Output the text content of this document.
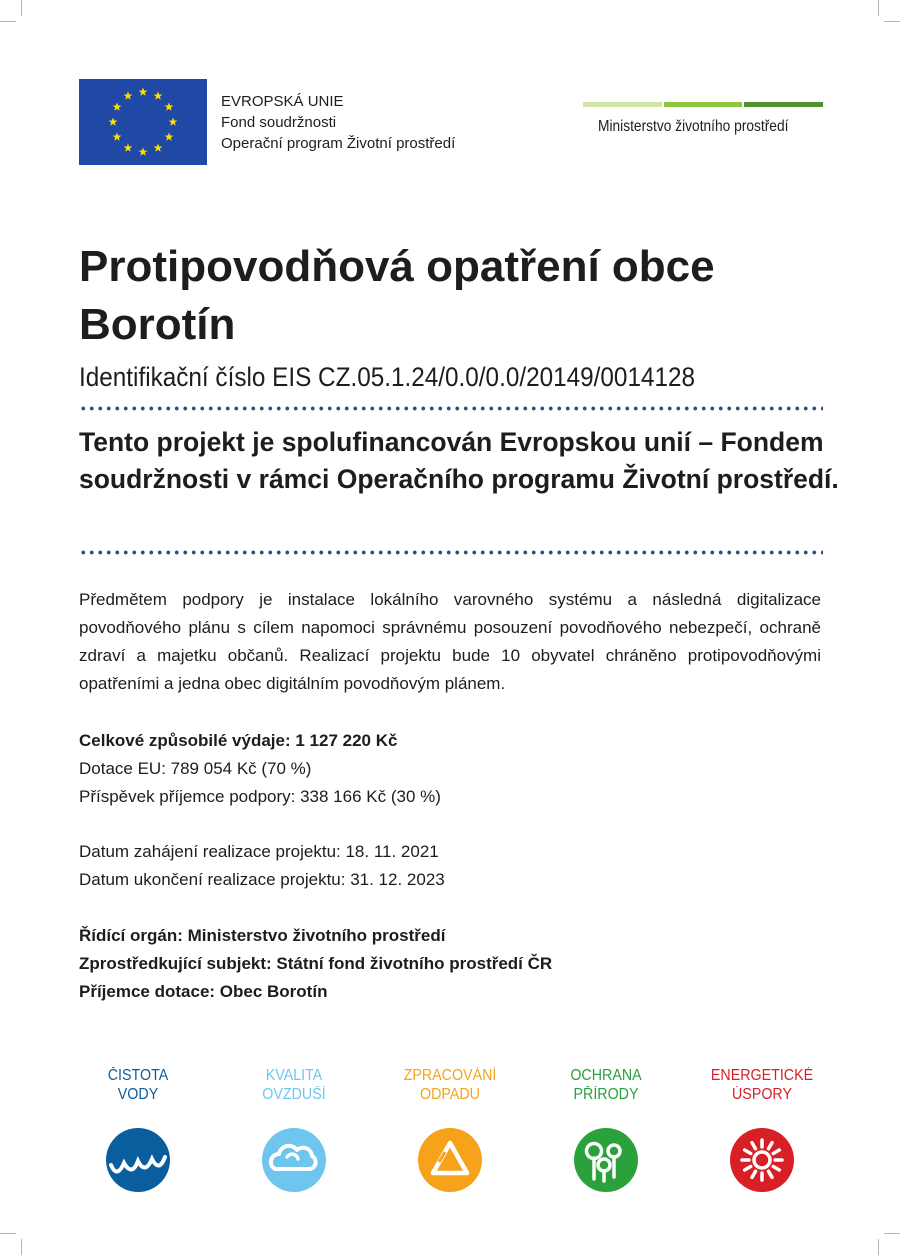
EVROPSKÁ UNIE
Fond soudržnosti
Operační program Životní prostředí
Ministerstvo životního prostředí
Protipovodňová opatření obce Borotín
Identifikační číslo EIS CZ.05.1.24/0.0/0.0/20149/0014128

Tento projekt je spolufinancován Evropskou unií – Fondem soudržnosti v rámci Operačního programu Životní prostředí.

Předmětem podpory je instalace lokálního varovného systému a následná digitalizace povodňového plánu s cílem napomoci správnému posouzení povodňového nebezpečí, ochraně zdraví a majetku občanů. Realizací projektu bude 10 obyvatel chráněno protipovodňovými opatřeními a jedna obec digitálním povodňovým plánem.

Celkové způsobilé výdaje: 1 127 220 Kč
Dotace EU: 789 054 Kč (70 %)
Příspěvek příjemce podpory: 338 166 Kč (30 %)
Datum zahájení realizace projektu: 18. 11. 2021
Datum ukončení realizace projektu: 31. 12. 2023
Řídící orgán: Ministerstvo životního prostředí
Zprostředkující subjekt: Státní fond životního prostředí ČR
Příjemce dotace: Obec Borotín
ČISTOTA
VODY
KVALITA
OVZDUŠÍ
ZPRACOVÁNÍ
ODPADU
OCHRANA
PŘÍRODY
ENERGETICKÉ
ÚSPORY
